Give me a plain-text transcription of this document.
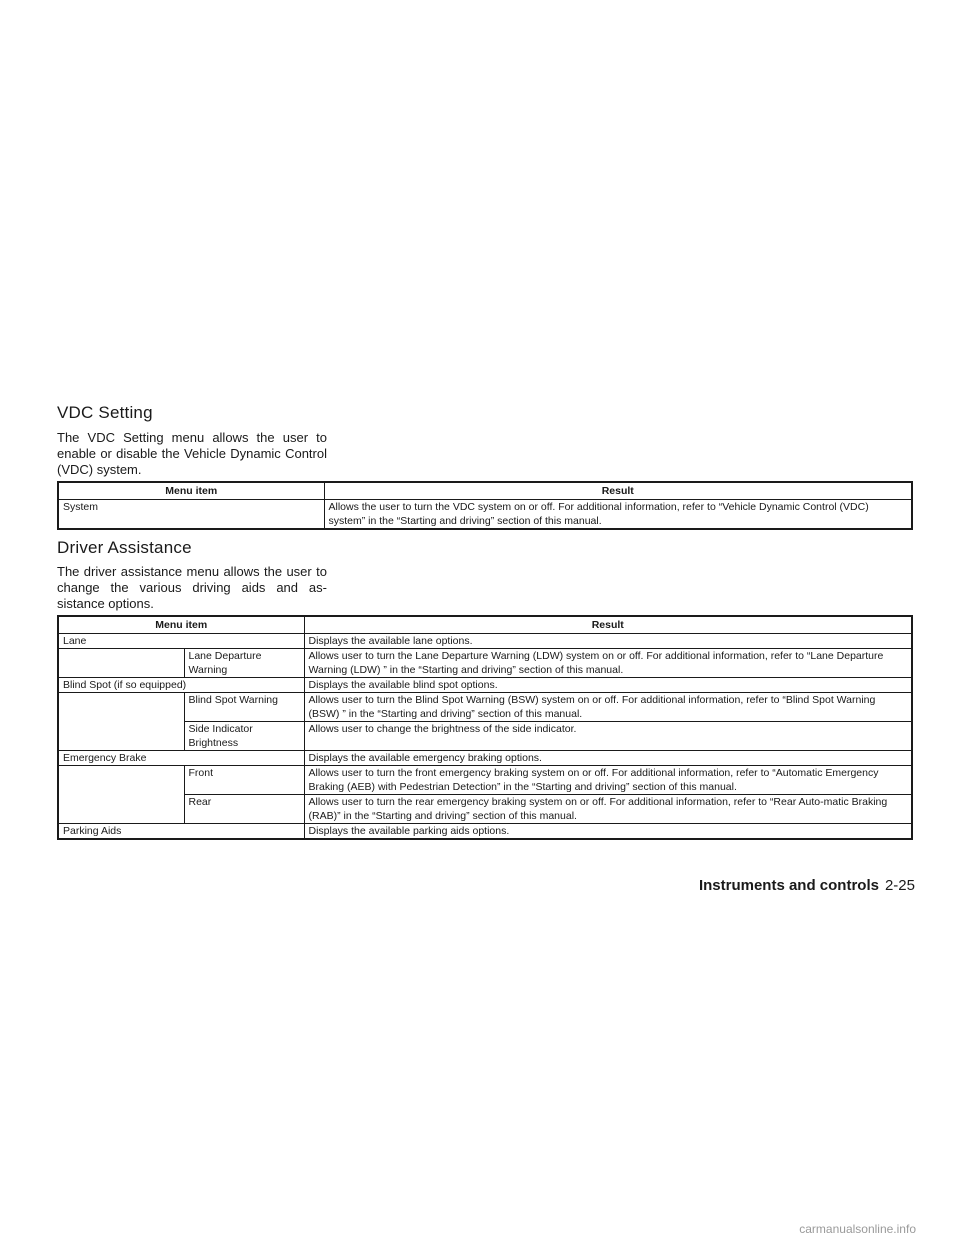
VDC Setting

The VDC Setting menu allows the user to enable or disable the Vehicle Dynamic Control (VDC) system.

Menu item	Result
System	Allows the user to turn the VDC system on or off. For additional information, refer to “Vehicle Dynamic Control (VDC) system” in the “Starting and driving” section of this manual.
Driver Assistance

The driver assistance menu allows the user to change the various driving aids and as-sistance options.

Menu item		Result
Lane		Displays the available lane options.
	Lane Departure Warning	Allows user to turn the Lane Departure Warning (LDW) system on or off. For additional information, refer to “Lane Departure Warning (LDW) ” in the “Starting and driving” section of this manual.
Blind Spot (if so equipped)		Displays the available blind spot options.
	Blind Spot Warning	Allows user to turn the Blind Spot Warning (BSW) system on or off. For additional information, refer to “Blind Spot Warning (BSW) ” in the “Starting and driving” section of this manual.
	Side Indicator Brightness	Allows user to change the brightness of the side indicator.
Emergency Brake		Displays the available emergency braking options.
	Front	Allows user to turn the front emergency braking system on or off. For additional information, refer to “Automatic Emergency Braking (AEB) with Pedestrian Detection” in the “Starting and driving” section of this manual.
	Rear	Allows user to turn the rear emergency braking system on or off. For additional information, refer to “Rear Auto-matic Braking (RAB)” in the “Starting and driving” section of this manual.
Parking Aids		Displays the available parking aids options.
Instruments and controls 2-25
carmanualsonline.info
